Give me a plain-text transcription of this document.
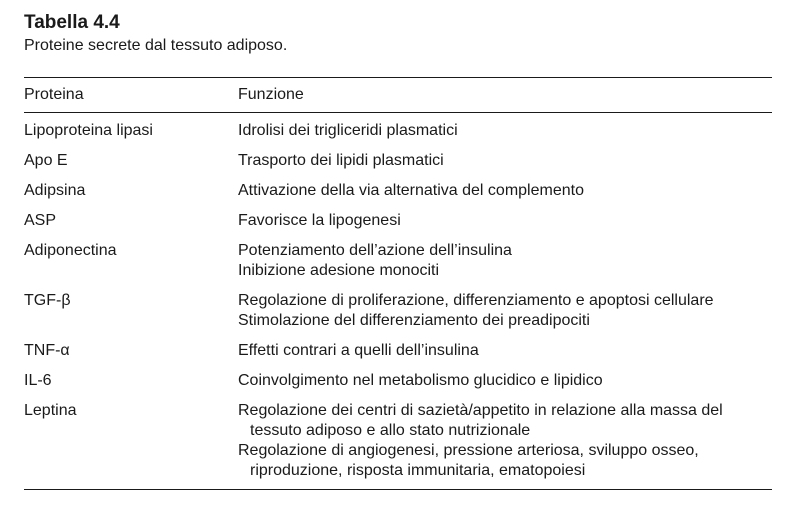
Tabella 4.4
Proteine secrete dal tessuto adiposo.
Proteina	Funzione
Lipoproteina lipasi	Idrolisi dei trigliceridi plasmatici
Apo E	Trasporto dei lipidi plasmatici
Adipsina	Attivazione della via alternativa del complemento
ASP	Favorisce la lipogenesi
Adiponectina	Potenziamento dell’azione dell’insulina
Inibizione adesione monociti
TGF-β	Regolazione di proliferazione, differenziamento e apoptosi cellulare
Stimolazione del differenziamento dei preadipociti
TNF-α	Effetti contrari a quelli dell’insulina
IL-6	Coinvolgimento nel metabolismo glucidico e lipidico
Leptina	Regolazione dei centri di sazietà/appetito in relazione alla massa del tessuto adiposo e allo stato nutrizionale
Regolazione di angiogenesi, pressione arteriosa, sviluppo osseo, riproduzione, risposta immunitaria, ematopoiesi
